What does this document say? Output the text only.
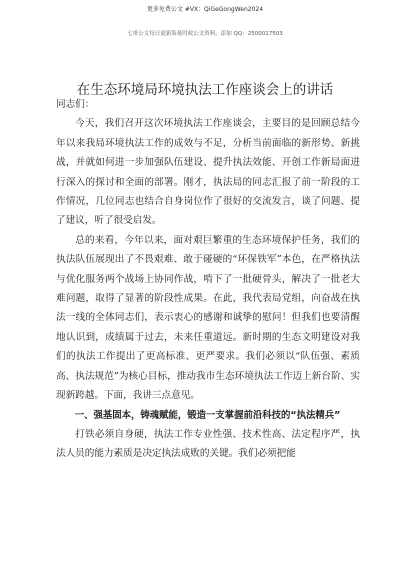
更多免费公文 #VX：QiGeGongWen2024
七哥公文每日更新海量时政公文资料，添加 QQ：2500017503
在生态环境局环境执法工作座谈会上的讲话

同志们：

今天，我们召开这次环境执法工作座谈会，主要目的是回顾总结今年以来我局环境执法工作的成效与不足，分析当前面临的新形势、新挑战，并就如何进一步加强队伍建设、提升执法效能、开创工作新局面进行深入的探讨和全面的部署。刚才，执法局的同志汇报了前一阶段的工作情况，几位同志也结合自身岗位作了很好的交流发言，谈了问题、提了建议，听了很受启发。

总的来看，今年以来，面对艰巨繁重的生态环境保护任务，我们的执法队伍展现出了不畏艰难、敢于碰硬的“环保铁军”本色，在严格执法与优化服务两个战场上协同作战，啃下了一批硬骨头，解决了一批老大难问题，取得了显著的阶段性成果。在此，我代表局党组，向奋战在执法一线的全体同志们，表示衷心的感谢和诚挚的慰问！但我们也要清醒地认识到，成绩属于过去，未来任重道远。新时期的生态文明建设对我们的执法工作提出了更高标准、更严要求。我们必须以“队伍强、素质高、执法规范”为核心目标，推动我市生态环境执法工作迈上新台阶、实现新跨越。下面，我讲三点意见。

一、强基固本，铸魂赋能，锻造一支掌握前沿科技的“执法精兵”

打铁必须自身硬，执法工作专业性强、技术性高、法定程序严，执法人员的能力素质是决定执法成败的关键。我们必须把能
